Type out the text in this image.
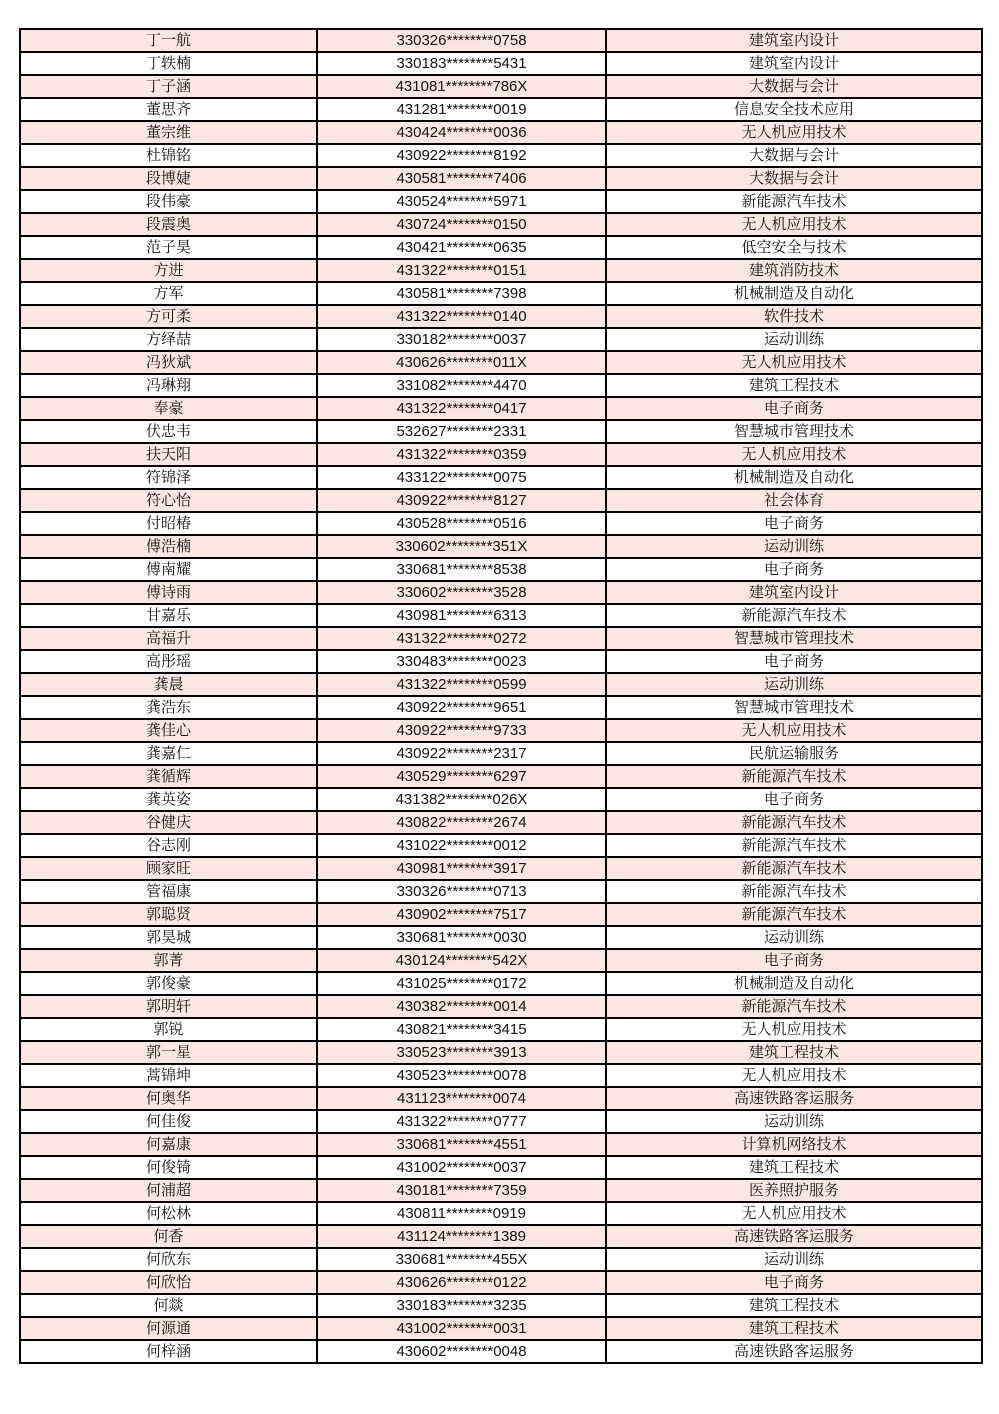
丁一航	330326********0758	建筑室内设计
丁轶楠	330183********5431	建筑室内设计
丁子涵	431081********786X	大数据与会计
董思齐	431281********0019	信息安全技术应用
董宗维	430424********0036	无人机应用技术
杜锦铭	430922********8192	大数据与会计
段博婕	430581********7406	大数据与会计
段伟豪	430524********5971	新能源汽车技术
段震奥	430724********0150	无人机应用技术
范子昊	430421********0635	低空安全与技术
方进	431322********0151	建筑消防技术
方军	430581********7398	机械制造及自动化
方可柔	431322********0140	软件技术
方绎喆	330182********0037	运动训练
冯狄斌	430626********011X	无人机应用技术
冯琳翔	331082********4470	建筑工程技术
奉豪	431322********0417	电子商务
伏忠韦	532627********2331	智慧城市管理技术
扶天阳	431322********0359	无人机应用技术
符锦泽	433122********0075	机械制造及自动化
符心怡	430922********8127	社会体育
付昭椿	430528********0516	电子商务
傅浩楠	330602********351X	运动训练
傅南耀	330681********8538	电子商务
傅诗雨	330602********3528	建筑室内设计
甘嘉乐	430981********6313	新能源汽车技术
高福升	431322********0272	智慧城市管理技术
高彤瑶	330483********0023	电子商务
龚晨	431322********0599	运动训练
龚浩东	430922********9651	智慧城市管理技术
龚佳心	430922********9733	无人机应用技术
龚嘉仁	430922********2317	民航运输服务
龚循辉	430529********6297	新能源汽车技术
龚英姿	431382********026X	电子商务
谷健庆	430822********2674	新能源汽车技术
谷志刚	431022********0012	新能源汽车技术
顾家旺	430981********3917	新能源汽车技术
管福康	330326********0713	新能源汽车技术
郭聪贤	430902********7517	新能源汽车技术
郭昊城	330681********0030	运动训练
郭菁	430124********542X	电子商务
郭俊豪	431025********0172	机械制造及自动化
郭明轩	430382********0014	新能源汽车技术
郭锐	430821********3415	无人机应用技术
郭一星	330523********3913	建筑工程技术
蒿锦坤	430523********0078	无人机应用技术
何奥华	431123********0074	高速铁路客运服务
何佳俊	431322********0777	运动训练
何嘉康	330681********4551	计算机网络技术
何俊锜	431002********0037	建筑工程技术
何浦超	430181********7359	医养照护服务
何松林	430811********0919	无人机应用技术
何香	431124********1389	高速铁路客运服务
何欣东	330681********455X	运动训练
何欣怡	430626********0122	电子商务
何燚	330183********3235	建筑工程技术
何源通	431002********0031	建筑工程技术
何梓涵	430602********0048	高速铁路客运服务
